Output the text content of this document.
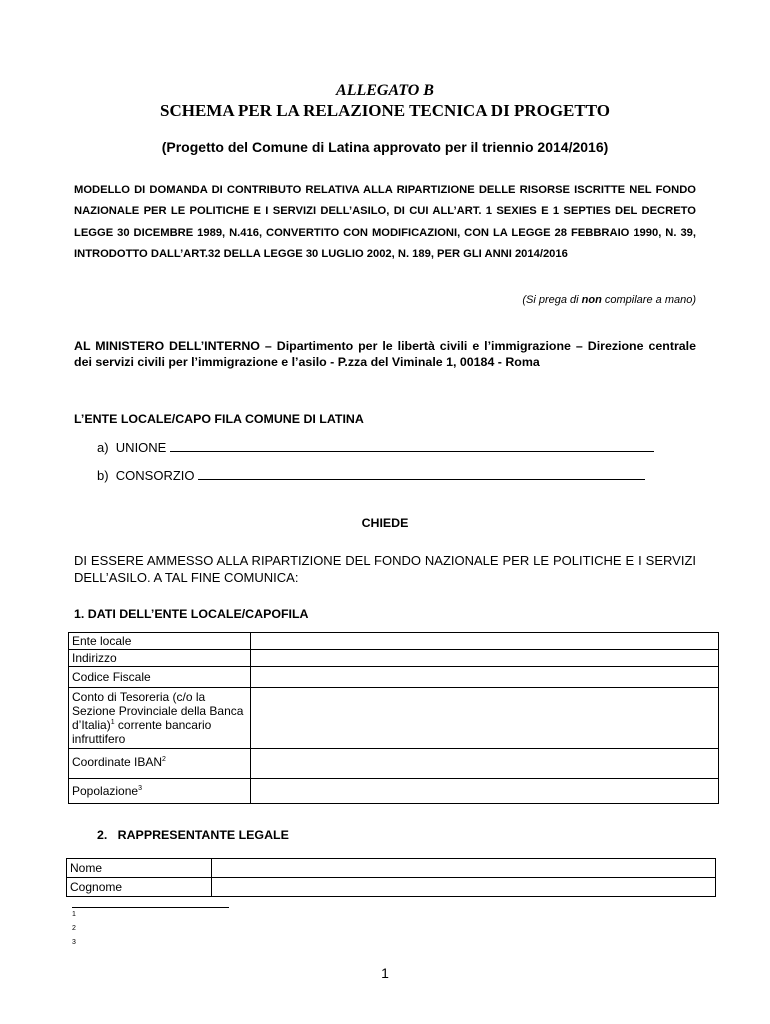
ALLEGATO B
SCHEMA PER LA RELAZIONE TECNICA DI PROGETTO
(Progetto del Comune di Latina approvato per il triennio 2014/2016)
MODELLO DI DOMANDA DI CONTRIBUTO RELATIVA ALLA RIPARTIZIONE DELLE RISORSE ISCRITTE NEL FONDO NAZIONALE PER LE POLITICHE E I SERVIZI DELL’ASILO, DI CUI ALL’ART. 1 SEXIES E 1 SEPTIES DEL DECRETO LEGGE 30 DICEMBRE 1989, N.416, CONVERTITO CON MODIFICAZIONI, CON LA LEGGE 28 FEBBRAIO 1990, N. 39, INTRODOTTO DALL’ART.32 DELLA LEGGE 30 LUGLIO 2002, N. 189, PER GLI ANNI 2014/2016
(Si prega di non compilare a mano)
AL MINISTERO DELL’INTERNO – Dipartimento per le libertà civili e l’immigrazione – Direzione centrale dei servizi civili per l’immigrazione e l’asilo - P.zza del Viminale 1, 00184 - Roma
L’ENTE LOCALE/CAPO FILA COMUNE DI LATINA
a) UNIONE
b) CONSORZIO
CHIEDE
DI ESSERE AMMESSO ALLA RIPARTIZIONE DEL FONDO NAZIONALE PER LE POLITICHE E I SERVIZI DELL’ASILO. A TAL FINE COMUNICA:
1. DATI DELL’ENTE LOCALE/CAPOFILA
Ente locale	
Indirizzo	
Codice Fiscale	
Conto di Tesoreria (c/o la Sezione Provinciale della Banca d’Italia)$^1$ corrente bancario infruttifero	
Coordinate IBAN$^2$	
Popolazione$^3$	
2.   RAPPRESENTANTE LEGALE
Nome	
Cognome	
1
2
3
1
